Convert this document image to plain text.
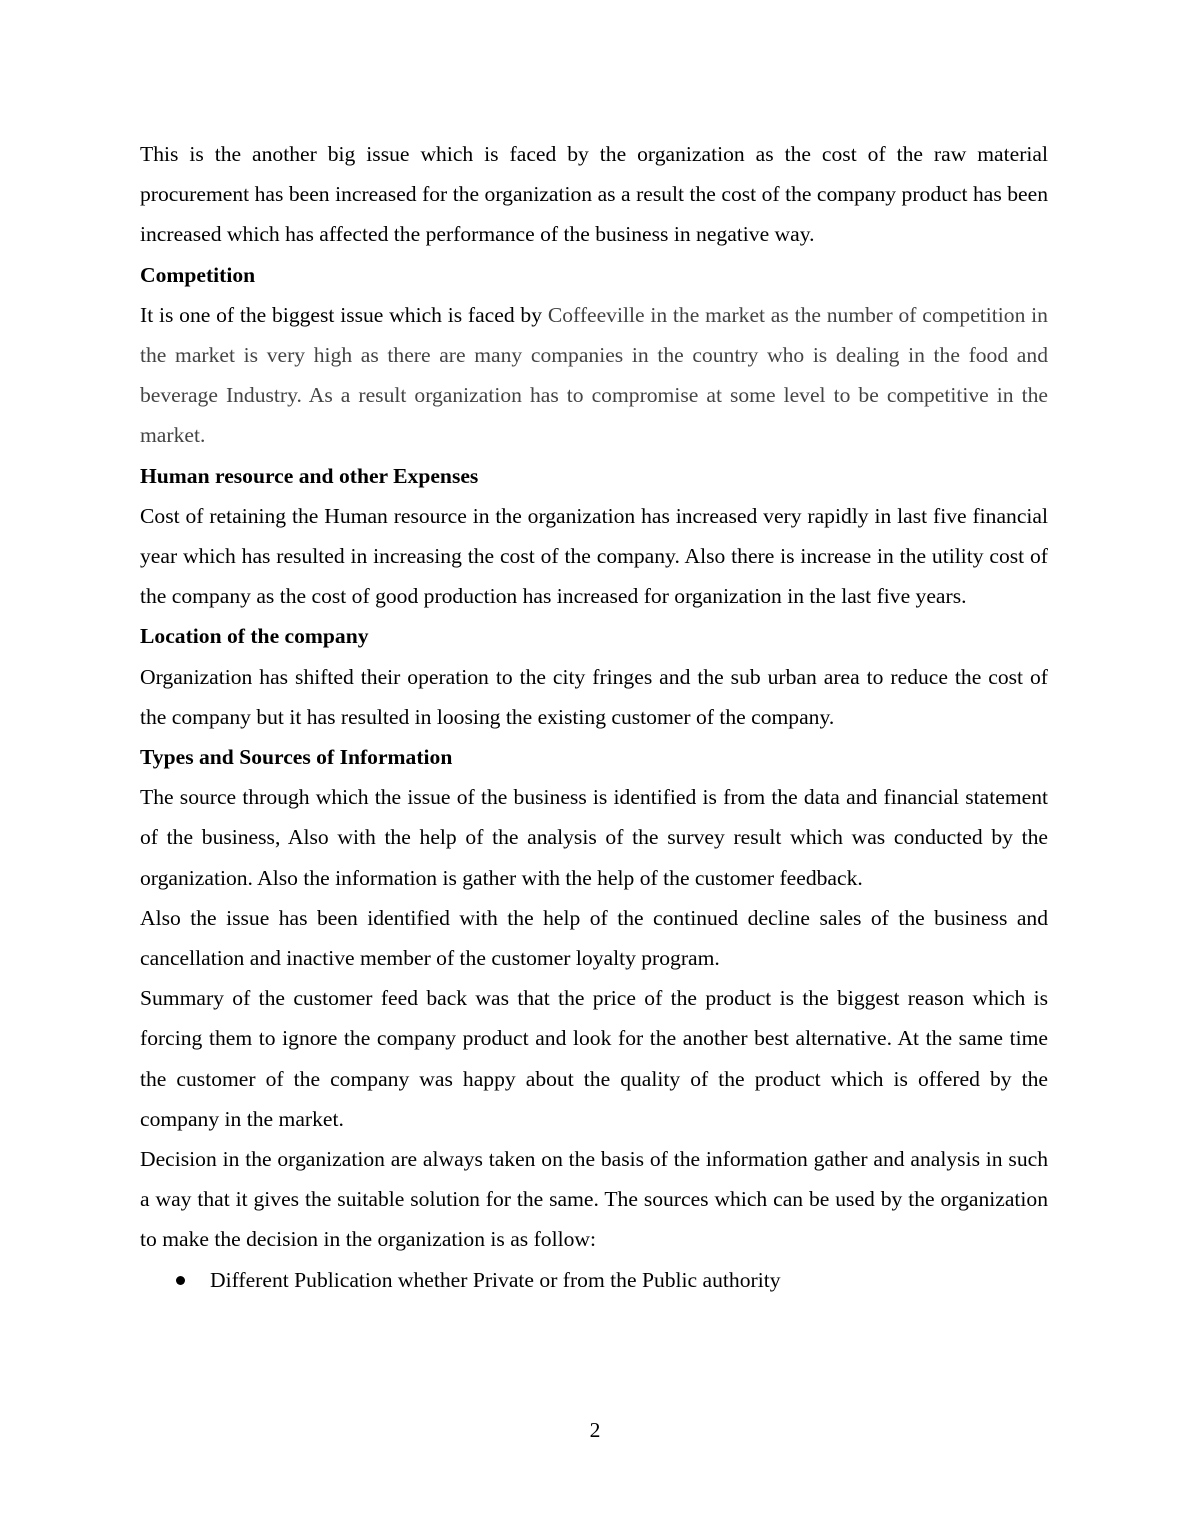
This is the another big issue which is faced by the organization as the cost of the raw material procurement has been increased for the organization as a result the cost of the company product has been increased which has affected the performance of the business in negative way.

Competition

It is one of the biggest issue which is faced by Coffeeville in the market as the number of competition in the market is very high as there are many companies in the country who is dealing in the food and beverage Industry. As a result organization has to compromise at some level to be competitive in the market.

Human resource and other Expenses

Cost of retaining the Human resource in the organization has increased very rapidly in last five financial year which has resulted in increasing the cost of the company. Also there is increase in the utility cost of the company as the cost of good production has increased for organization in the last five years.

Location of the company

Organization has shifted their operation to the city fringes and the sub urban area to reduce the cost of the company but it has resulted in loosing the existing customer of the company.

Types and Sources of Information

The source through which the issue of the business is identified is from the data and financial statement of the business, Also with the help of the analysis of the survey result which was conducted by the organization. Also the information is gather with the help of the customer feedback.

Also the issue has been identified with the help of the continued decline sales of the business and cancellation and inactive member of the customer loyalty program.

Summary of the customer feed back was that the price of the product is the biggest reason which is forcing them to ignore the company product and look for the another best alternative. At the same time the customer of the company was happy about the quality of the product which is offered by the company in the market.

Decision in the organization are always taken on the basis of the information gather and analysis in such a way that it gives the suitable solution for the same. The sources which can be used by the organization to make the decision in the organization is as follow:

Different Publication whether Private or from the Public authority
2
